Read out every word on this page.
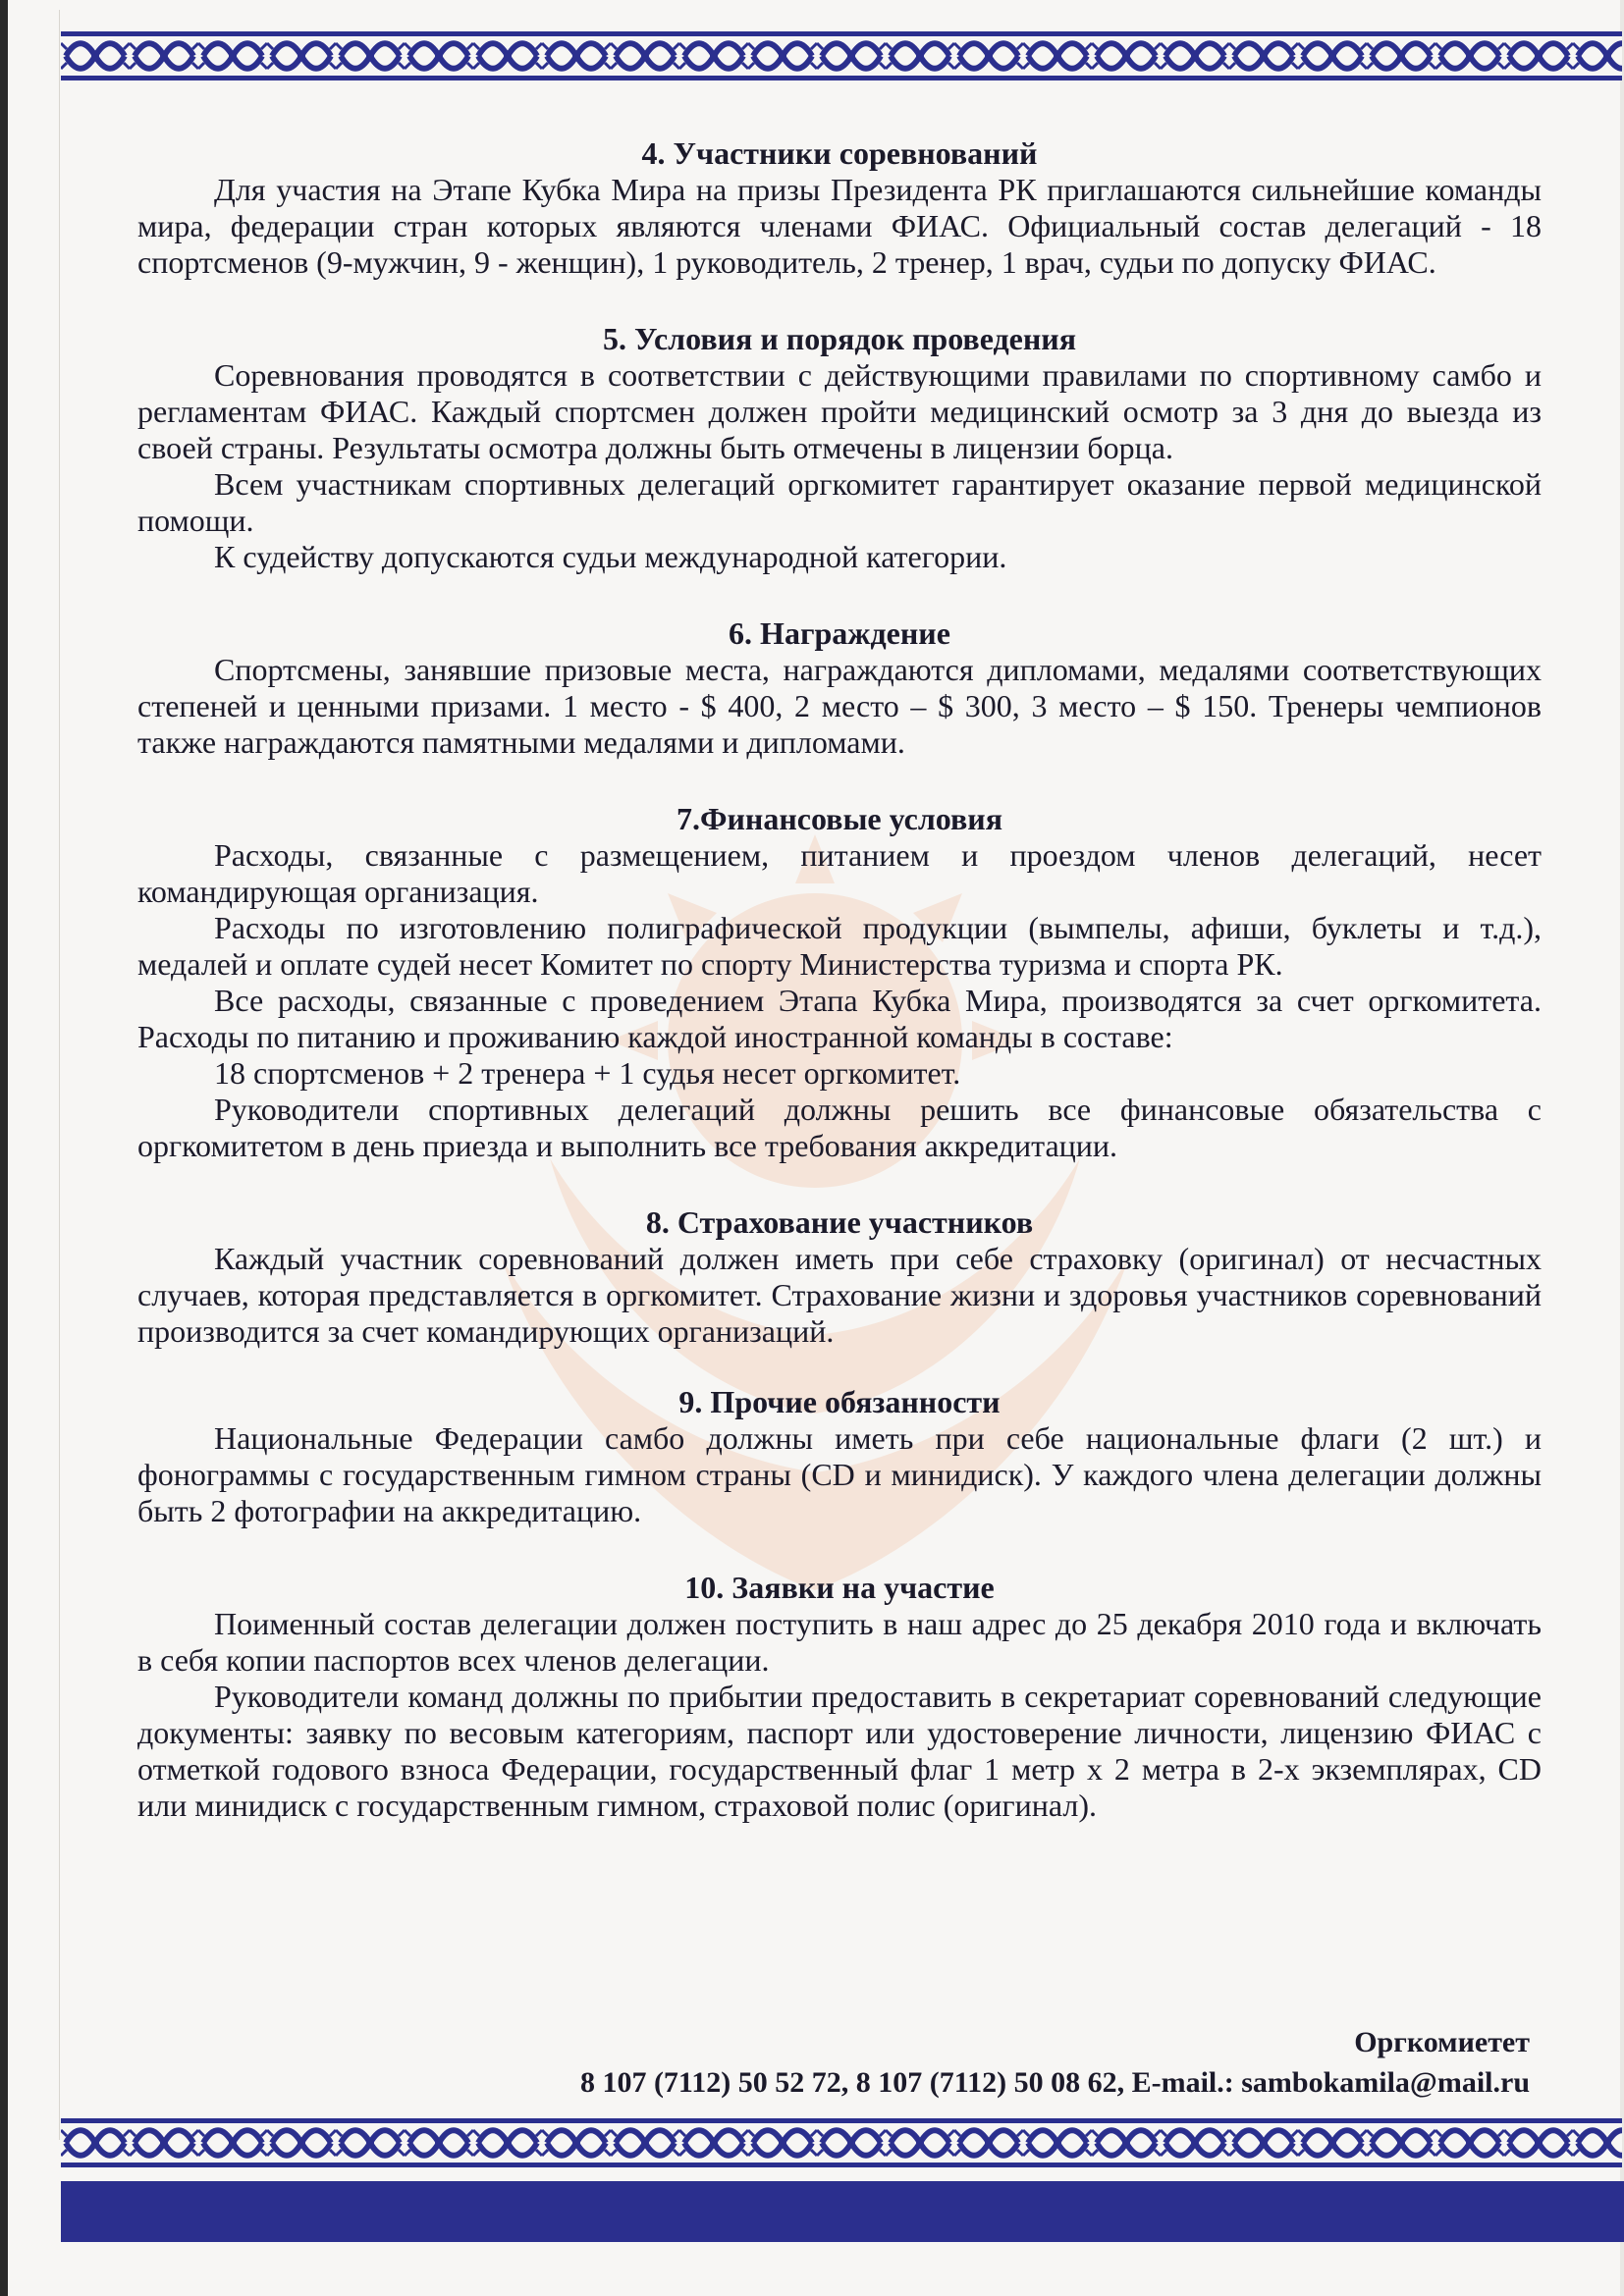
4. Участники соревнований

Для участия на Этапе Кубка Мира на призы Президента РК приглашаются сильнейшие команды мира, федерации стран которых являются членами ФИАС. Официальный состав делегаций - 18 спортсменов (9-мужчин, 9 - женщин), 1 руководитель, 2 тренер, 1 врач, судьи по допуску ФИАС.

5. Условия и порядок проведения

Соревнования проводятся в соответствии с действующими правилами по спортивному самбо и регламентам ФИАС. Каждый спортсмен должен пройти медицинский осмотр за 3 дня до выезда из своей страны. Результаты осмотра должны быть отмечены в лицензии борца.

Всем участникам спортивных делегаций оргкомитет гарантирует оказание первой медицинской помощи.

К судейству допускаются судьи международной категории.

6. Награждение

Спортсмены, занявшие призовые места, награждаются дипломами, медалями соответствующих степеней и ценными призами. 1 место - $ 400, 2 место – $ 300, 3 место – $ 150. Тренеры чемпионов также награждаются памятными медалями и дипломами.

7.Финансовые условия

Расходы, связанные с размещением, питанием и проездом членов делегаций, несет командирующая организация.

Расходы по изготовлению полиграфической продукции (вымпелы, афиши, буклеты и т.д.), медалей и оплате судей несет Комитет по спорту Министерства туризма и спорта РК.

Все расходы, связанные с проведением Этапа Кубка Мира, производятся за счет оргкомитета. Расходы по питанию и проживанию каждой иностранной команды в составе:

18 спортсменов + 2 тренера + 1 судья несет оргкомитет.

Руководители спортивных делегаций должны решить все финансовые обязательства с оргкомитетом в день приезда и выполнить все требования аккредитации.

8. Страхование участников

Каждый участник соревнований должен иметь при себе страховку (оригинал) от несчастных случаев, которая представляется в оргкомитет. Страхование жизни и здоровья участников соревнований производится за счет командирующих организаций.

9. Прочие обязанности

Национальные Федерации самбо должны иметь при себе национальные флаги (2 шт.) и фонограммы с государственным гимном страны (CD и минидиск). У каждого члена делегации должны быть 2 фотографии на аккредитацию.

10. Заявки на участие

Поименный состав делегации должен поступить в наш адрес до 25 декабря 2010 года и включать в себя копии паспортов всех членов делегации.

Руководители команд должны по прибытии предоставить в секретариат соревнований следующие документы: заявку по весовым категориям, паспорт или удостоверение личности, лицензию ФИАС с отметкой годового взноса Федерации, государственный флаг 1 метр х 2 метра в 2-х экземплярах, CD или минидиск с государственным гимном, страховой полис (оригинал).

Оргкомиетет
8 107 (7112) 50 52 72, 8 107 (7112) 50 08 62, E-mail.: sambokamila@mail.ru
